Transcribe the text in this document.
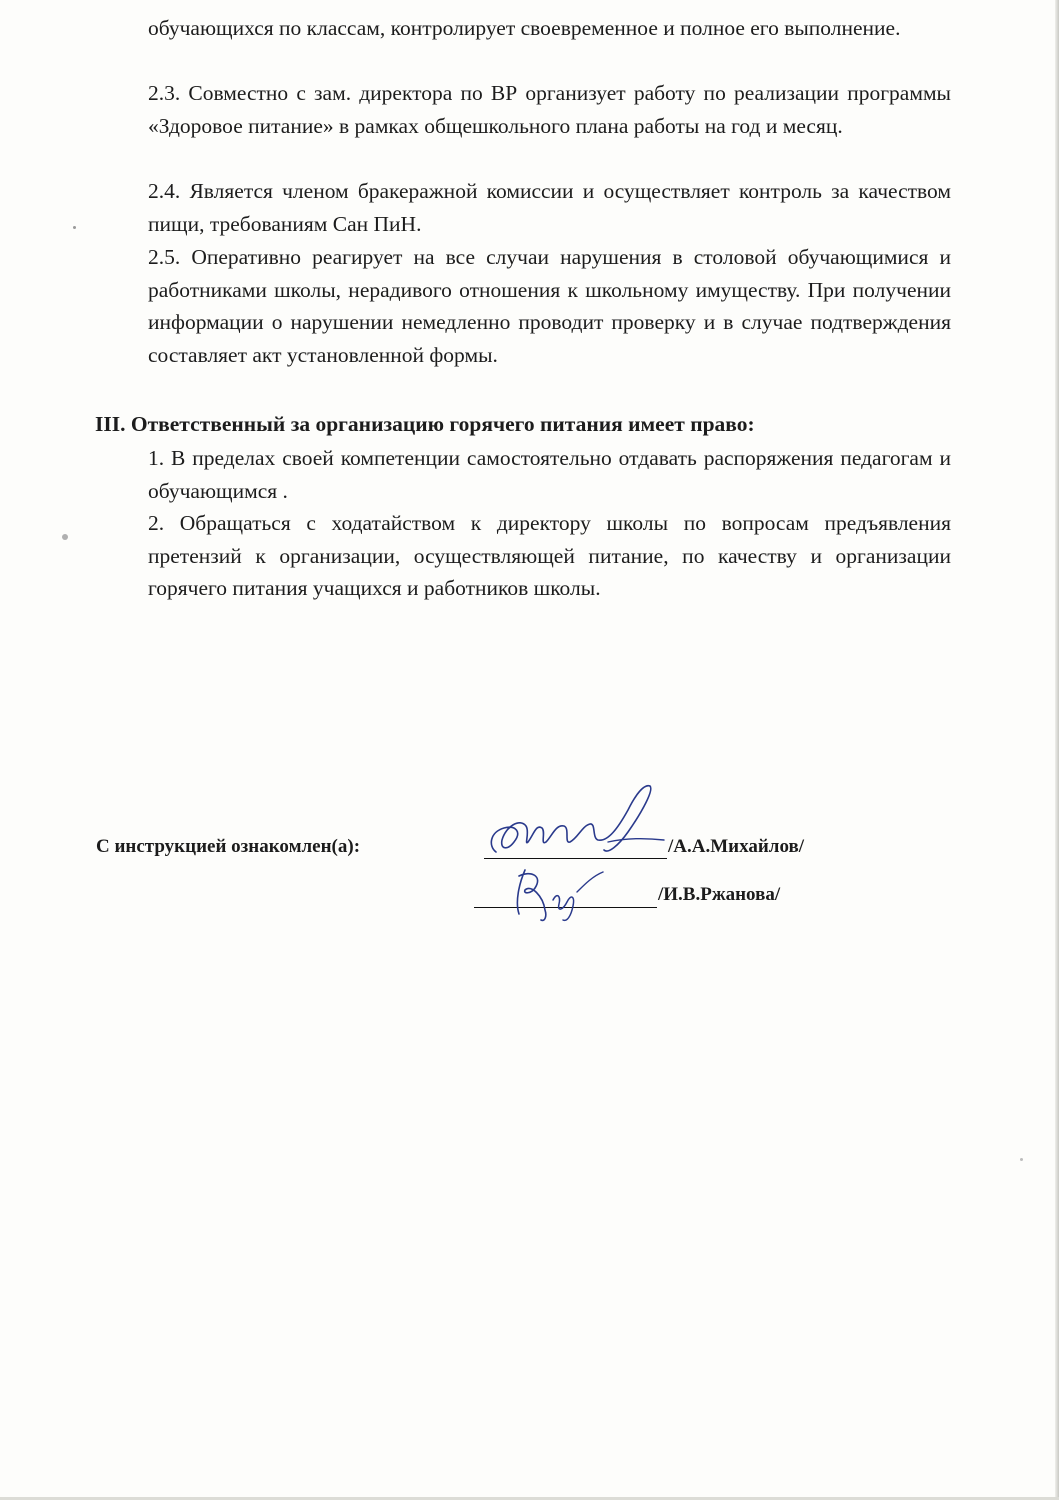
обучающихся по классам, контролирует своевременное и полное его выполнение.

2.3. Совместно с зам. директора по ВР организует работу по реализации программы «Здоровое питание» в рамках общешкольного плана работы на год и месяц.

2.4. Является членом бракеражной комиссии и осуществляет контроль за качеством пищи, требованиям Сан ПиН.

2.5. Оперативно реагирует на все случаи нарушения в столовой обучающимися и работниками школы, нерадивого отношения к школьному имуществу. При получении информации о нарушении немедленно проводит проверку и в случае подтверждения составляет акт установленной формы.

III. Ответственный за организацию горячего питания имеет право:

1. В пределах своей компетенции самостоятельно отдавать распоряжения педагогам и обучающимся .

2. Обращаться с ходатайством к директору школы по вопросам предъявления претензий к организации, осуществляющей питание, по качеству и организации горячего питания учащихся и работников школы.

С инструкцией ознакомлен(а):	/А.А.Михайлов/
/И.В.Ржанова/
